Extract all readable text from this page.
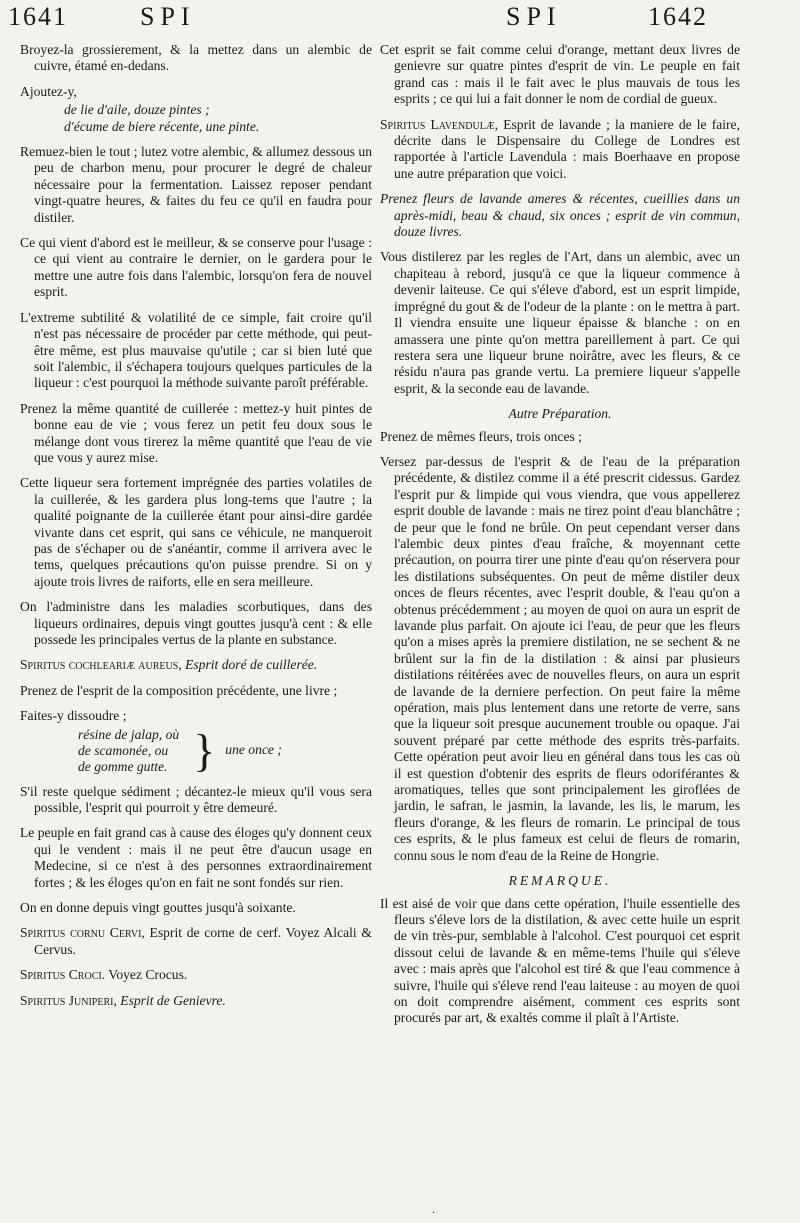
1641	SPI	SPI	1642

Broyez-la grossierement, & la mettez dans un alembic de cuivre, étamé en-dedans.

Ajoutez-y,

de lie d'aile, douze pintes ;

d'écume de biere récente, une pinte.

Remuez-bien le tout ; lutez votre alembic, & allumez dessous un peu de charbon menu, pour procurer le degré de chaleur nécessaire pour la fermentation. Laissez reposer pendant vingt-quatre heures, & faites du feu ce qu'il en faudra pour distiler.

Ce qui vient d'abord est le meilleur, & se conserve pour l'usage : ce qui vient au contraire le dernier, on le gardera pour le mettre une autre fois dans l'alembic, lorsqu'on fera de nouvel esprit.

L'extreme subtilité & volatilité de ce simple, fait croire qu'il n'est pas nécessaire de procéder par cette méthode, qui peut-être même, est plus mauvaise qu'utile ; car si bien luté que soit l'alembic, il s'échapera toujours quelques particules de la liqueur : c'est pourquoi la méthode suivante paroît préférable.

Prenez la même quantité de cuillerée : mettez-y huit pintes de bonne eau de vie ; vous ferez un petit feu doux sous le mélange dont vous tirerez la même quantité que l'eau de vie que vous y aurez mise.

Cette liqueur sera fortement imprégnée des parties volatiles de la cuillerée, & les gardera plus long-tems que l'autre ; la qualité poignante de la cuillerée étant pour ainsi-dire gardée vivante dans cet esprit, qui sans ce véhicule, ne manqueroit pas de s'échaper ou de s'anéantir, comme il arrivera avec le tems, quelques précautions qu'on puisse prendre. Si on y ajoute trois livres de raiforts, elle en sera meilleure.

On l'administre dans les maladies scorbutiques, dans des liqueurs ordinaires, depuis vingt gouttes jusqu'à cent : & elle possede les principales vertus de la plante en substance.

Spiritus cochleariæ aureus, Esprit doré de cuillerée.

Prenez de l'esprit de la composition précédente, une livre ;

Faites-y dissoudre ;

résine de jalap, où
de scamonée, ou
de gomme gutte. } une once ;

S'il reste quelque sédiment ; décantez-le mieux qu'il vous sera possible, l'esprit qui pourroit y être demeuré.

Le peuple en fait grand cas à cause des éloges qu'y donnent ceux qui le vendent : mais il ne peut être d'aucun usage en Medecine, si ce n'est à des personnes extraordinairement fortes ; & les éloges qu'on en fait ne sont fondés sur rien.

On en donne depuis vingt gouttes jusqu'à soixante.

Spiritus cornu Cervi, Esprit de corne de cerf. Voyez Alcali & Cervus.

Spiritus Croci. Voyez Crocus.

Spiritus Juniperi, Esprit de Genievre.

Cet esprit se fait comme celui d'orange, mettant deux livres de genievre sur quatre pintes d'esprit de vin. Le peuple en fait grand cas : mais il le fait avec le plus mauvais de tous les esprits ; ce qui lui a fait donner le nom de cordial de gueux.

Spiritus Lavendulæ, Esprit de lavande ; la maniere de le faire, décrite dans le Dispensaire du College de Londres est rapportée à l'article Lavendula : mais Boerhaave en propose une autre préparation que voici.

Prenez fleurs de lavande ameres & récentes, cueillies dans un après-midi, beau & chaud, six onces ; esprit de vin commun, douze livres.

Vous distilerez par les regles de l'Art, dans un alembic, avec un chapiteau à rebord, jusqu'à ce que la liqueur commence à devenir laiteuse. Ce qui s'éleve d'abord, est un esprit limpide, imprégné du gout & de l'odeur de la plante : on le mettra à part. Il viendra ensuite une liqueur épaisse & blanche : on en amassera une pinte qu'on mettra pareillement à part. Ce qui restera sera une liqueur brune noirâtre, avec les fleurs, & ce résidu n'aura pas grande vertu. La premiere liqueur s'appelle esprit, & la seconde eau de lavande.

Autre Préparation.

Prenez de mêmes fleurs, trois onces ;

Versez par-dessus de l'esprit & de l'eau de la préparation précédente, & distilez comme il a été prescrit cidessus. Gardez l'esprit pur & limpide qui vous viendra, que vous appellerez esprit double de lavande : mais ne tirez point d'eau blanchâtre ; de peur que le fond ne brûle. On peut cependant verser dans l'alembic deux pintes d'eau fraîche, & moyennant cette précaution, on pourra tirer une pinte d'eau qu'on réservera pour les distilations subséquentes. On peut de même distiler deux onces de fleurs récentes, avec l'esprit double, & l'eau qu'on a obtenus précédemment ; au moyen de quoi on aura un esprit de lavande plus parfait. On ajoute ici l'eau, de peur que les fleurs qu'on a mises après la premiere distilation, ne se sechent & ne brûlent sur la fin de la distilation : & ainsi par plusieurs distilations réitérées avec de nouvelles fleurs, on aura un esprit de lavande de la derniere perfection. On peut faire la même opération, mais plus lentement dans une retorte de verre, sans que la liqueur soit presque aucunement trouble ou opaque. J'ai souvent préparé par cette méthode des esprits très-parfaits. Cette opération peut avoir lieu en général dans tous les cas où il est question d'obtenir des esprits de fleurs odoriférantes & aromatiques, telles que sont principalement les giroflées de jardin, le safran, le jasmin, la lavande, les lis, le marum, les fleurs d'orange, & les fleurs de romarin. Le principal de tous ces esprits, & le plus fameux est celui de fleurs de romarin, connu sous le nom d'eau de la Reine de Hongrie.

REMARQUE.

Il est aisé de voir que dans cette opération, l'huile essentielle des fleurs s'éleve lors de la distilation, & avec cette huile un esprit de vin très-pur, semblable à l'alcohol. C'est pourquoi cet esprit dissout celui de lavande & en même-tems l'huile qui s'éleve avec : mais après que l'alcohol est tiré & que l'eau commence à suivre, l'huile qui s'éleve rend l'eau laiteuse : au moyen de quoi on doit comprendre aisément, comment ces esprits sont procurés par art, & exaltés comme il plaît à l'Artiste.

·
